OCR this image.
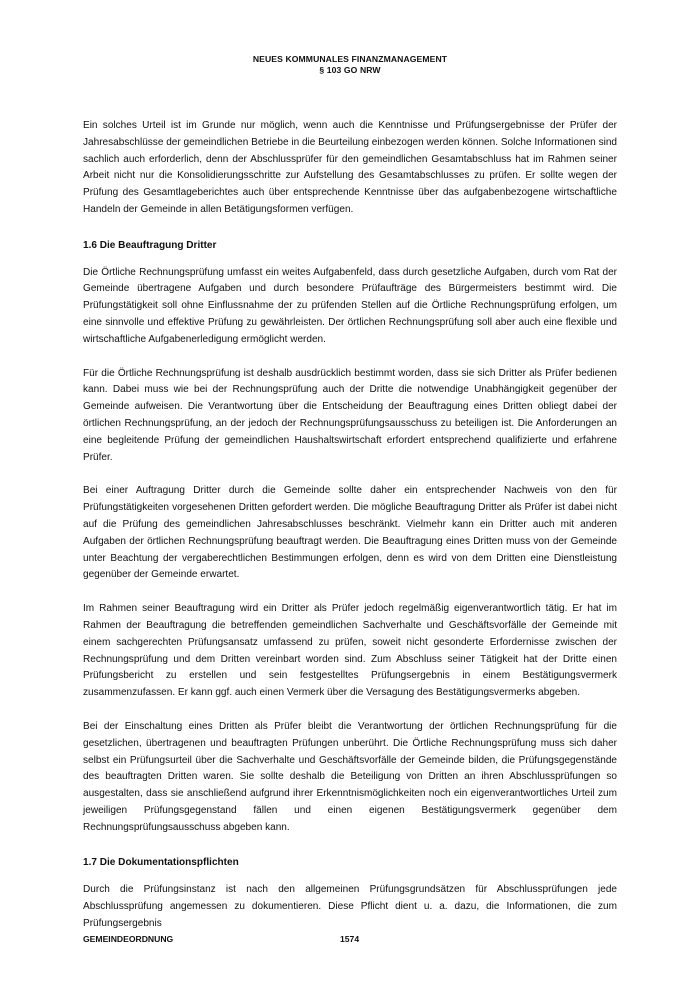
NEUES KOMMUNALES FINANZMANAGEMENT
§ 103 GO NRW

Ein solches Urteil ist im Grunde nur möglich, wenn auch die Kenntnisse und Prüfungsergebnisse der Prüfer der Jahresabschlüsse der gemeindlichen Betriebe in die Beurteilung einbezogen werden können. Solche Informationen sind sachlich auch erforderlich, denn der Abschlussprüfer für den gemeindlichen Gesamtabschluss hat im Rahmen seiner Arbeit nicht nur die Konsolidierungsschritte zur Aufstellung des Gesamtabschlusses zu prüfen. Er sollte wegen der Prüfung des Gesamtlageberichtes auch über entsprechende Kenntnisse über das aufgabenbezogene wirtschaftliche Handeln der Gemeinde in allen Betätigungsformen verfügen.

1.6 Die Beauftragung Dritter

Die Örtliche Rechnungsprüfung umfasst ein weites Aufgabenfeld, dass durch gesetzliche Aufgaben, durch vom Rat der Gemeinde übertragene Aufgaben und durch besondere Prüfaufträge des Bürgermeisters bestimmt wird. Die Prüfungstätigkeit soll ohne Einflussnahme der zu prüfenden Stellen auf die Örtliche Rechnungsprüfung erfolgen, um eine sinnvolle und effektive Prüfung zu gewährleisten. Der örtlichen Rechnungsprüfung soll aber auch eine flexible und wirtschaftliche Aufgabenerledigung ermöglicht werden.

Für die Örtliche Rechnungsprüfung ist deshalb ausdrücklich bestimmt worden, dass sie sich Dritter als Prüfer bedienen kann. Dabei muss wie bei der Rechnungsprüfung auch der Dritte die notwendige Unabhängigkeit gegenüber der Gemeinde aufweisen. Die Verantwortung über die Entscheidung der Beauftragung eines Dritten obliegt dabei der örtlichen Rechnungsprüfung, an der jedoch der Rechnungsprüfungsausschuss zu beteiligen ist. Die Anforderungen an eine begleitende Prüfung der gemeindlichen Haushaltswirtschaft erfordert entsprechend qualifizierte und erfahrene Prüfer.

Bei einer Auftragung Dritter durch die Gemeinde sollte daher ein entsprechender Nachweis von den für Prüfungstätigkeiten vorgesehenen Dritten gefordert werden. Die mögliche Beauftragung Dritter als Prüfer ist dabei nicht auf die Prüfung des gemeindlichen Jahresabschlusses beschränkt. Vielmehr kann ein Dritter auch mit anderen Aufgaben der örtlichen Rechnungsprüfung beauftragt werden. Die Beauftragung eines Dritten muss von der Gemeinde unter Beachtung der vergaberechtlichen Bestimmungen erfolgen, denn es wird von dem Dritten eine Dienstleistung gegenüber der Gemeinde erwartet.

Im Rahmen seiner Beauftragung wird ein Dritter als Prüfer jedoch regelmäßig eigenverantwortlich tätig. Er hat im Rahmen der Beauftragung die betreffenden gemeindlichen Sachverhalte und Geschäftsvorfälle der Gemeinde mit einem sachgerechten Prüfungsansatz umfassend zu prüfen, soweit nicht gesonderte Erfordernisse zwischen der Rechnungsprüfung und dem Dritten vereinbart worden sind. Zum Abschluss seiner Tätigkeit hat der Dritte einen Prüfungsbericht zu erstellen und sein festgestelltes Prüfungsergebnis in einem Bestätigungsvermerk zusammenzufassen. Er kann ggf. auch einen Vermerk über die Versagung des Bestätigungsvermerks abgeben.

Bei der Einschaltung eines Dritten als Prüfer bleibt die Verantwortung der örtlichen Rechnungsprüfung für die gesetzlichen, übertragenen und beauftragten Prüfungen unberührt. Die Örtliche Rechnungsprüfung muss sich daher selbst ein Prüfungsurteil über die Sachverhalte und Geschäftsvorfälle der Gemeinde bilden, die Prüfungsgegenstände des beauftragten Dritten waren. Sie sollte deshalb die Beteiligung von Dritten an ihren Abschlussprüfungen so ausgestalten, dass sie anschließend aufgrund ihrer Erkenntnismöglichkeiten noch ein eigenverantwortliches Urteil zum jeweiligen Prüfungsgegenstand fällen und einen eigenen Bestätigungsvermerk gegenüber dem Rechnungsprüfungsausschuss abgeben kann.

1.7 Die Dokumentationspflichten

Durch die Prüfungsinstanz ist nach den allgemeinen Prüfungsgrundsätzen für Abschlussprüfungen jede Abschlussprüfung angemessen zu dokumentieren. Diese Pflicht dient u. a. dazu, die Informationen, die zum Prüfungsergebnis

GEMEINDEORDNUNG	1574
